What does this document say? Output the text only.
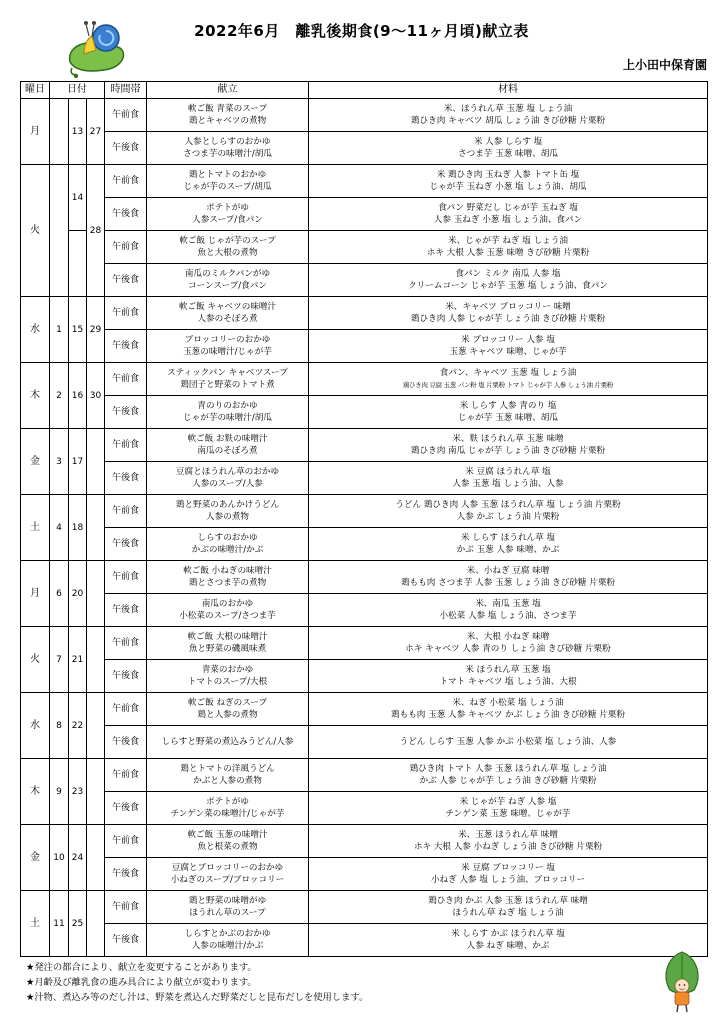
2022年6月　離乳後期食(9～11ヶ月頃)献立表
上小田中保育園
曜日	日付			時間帯	献立	材料
月		13	27	午前食	軟ご飯 青菜のスープ
鶏とキャベツの煮物	米、ほうれん草 玉葱 塩 しょう油
鶏ひき肉 キャベツ 胡瓜 しょう油 きび砂糖 片栗粉

				午後食	人参としらすのおかゆ
さつま芋の味噌汁/胡瓜	米 人参 しらす 塩
さつま芋 玉葱 味噌、胡瓜

火		14	28	午前食	鶏とトマトのおかゆ
じゃが芋のスープ/胡瓜	米 鶏ひき肉 玉ねぎ 人参 トマト缶 塩
じゃが芋 玉ねぎ 小葱 塩 しょう油、胡瓜

				午後食	ポテトがゆ
人参スープ/食パン	食パン 野菜だし じゃが芋 玉ねぎ 塩
人参 玉ねぎ 小葱 塩 しょう油、食パン

				午前食	軟ご飯 じゃが芋のスープ
魚と大根の煮物	米、じゃが芋 ねぎ 塩 しょう油
ホキ 大根 人参 玉葱 味噌 きび砂糖 片栗粉

				午後食	南瓜のミルクパンがゆ
コーンスープ/食パン	食パン ミルク 南瓜 人参 塩
クリームコーン じゃが芋 玉葱 塩 しょう油、食パン

水	1	15	29	午前食	軟ご飯 キャベツの味噌汁
人参のそぼろ煮	米、キャベツ ブロッコリー 味噌
鶏ひき肉 人参 じゃが芋 しょう油 きび砂糖 片栗粉

				午後食	ブロッコリーのおかゆ
玉葱の味噌汁/じゃが芋	米 ブロッコリー 人参 塩
玉葱 キャベツ 味噌、じゃが芋

木	2	16	30	午前食	スティックパン キャベツスープ
鶏団子と野菜のトマト煮	食パン、キャベツ 玉葱 塩 しょう油
鶏ひき肉 豆腐 玉葱 パン粉 塩 片栗粉 トマト じゃが芋 人参 しょう油 片栗粉

				午後食	青のりのおかゆ
じゃが芋の味噌汁/胡瓜	米 しらす 人参 青のり 塩
じゃが芋 玉葱 味噌、胡瓜

金	3	17		午前食	軟ご飯 お麩の味噌汁
南瓜のそぼろ煮	米、麩 ほうれん草 玉葱 味噌
鶏ひき肉 南瓜 じゃが芋 しょう油 きび砂糖 片栗粉

				午後食	豆腐とほうれん草のおかゆ
人参のスープ/人参	米 豆腐 ほうれん草 塩
人参 玉葱 塩 しょう油、人参

土	4	18		午前食	鶏と野菜のあんかけうどん
人参の煮物	うどん 鶏ひき肉 人参 玉葱 ほうれん草 塩 しょう油 片栗粉
人参 かぶ しょう油 片栗粉

				午後食	しらすのおかゆ
かぶの味噌汁/かぶ	米 しらす ほうれん草 塩
かぶ 玉葱 人参 味噌、かぶ

月	6	20		午前食	軟ご飯 小ねぎの味噌汁
鶏とさつま芋の煮物	米、小ねぎ 豆腐 味噌
鶏もも肉 さつま芋 人参 玉葱 しょう油 きび砂糖 片栗粉

				午後食	南瓜のおかゆ
小松菜のスープ/さつま芋	米、南瓜 玉葱 塩
小松菜 人参 塩 しょう油、さつま芋

火	7	21		午前食	軟ご飯 大根の味噌汁
魚と野菜の磯風味煮	米、大根 小ねぎ 味噌
ホキ キャベツ 人参 青のり しょう油 きび砂糖 片栗粉

				午後食	青菜のおかゆ
トマトのスープ/大根	米 ほうれん草 玉葱 塩
トマト キャベツ 塩 しょう油、大根

水	8	22		午前食	軟ご飯 ねぎのスープ
鶏と人参の煮物	米、ねぎ 小松菜 塩 しょう油
鶏もも肉 玉葱 人参 キャベツ かぶ しょう油 きび砂糖 片栗粉

				午後食	しらすと野菜の煮込みうどん/人参	うどん しらす 玉葱 人参 かぶ 小松菜 塩 しょう油、人参

木	9	23		午前食	鶏とトマトの洋風うどん
かぶと人参の煮物	鶏ひき肉 トマト 人参 玉葱 ほうれん草 塩 しょう油
かぶ 人参 じゃが芋 しょう油 きび砂糖 片栗粉

				午後食	ポテトがゆ
チンゲン菜の味噌汁/じゃが芋	米 じゃが芋 ねぎ 人参 塩
チンゲン菜 玉葱 味噌、じゃが芋

金	10	24		午前食	軟ご飯 玉葱の味噌汁
魚と根菜の煮物	米、玉葱 ほうれん草 味噌
ホキ 大根 人参 小ねぎ しょう油 きび砂糖 片栗粉

				午後食	豆腐とブロッコリーのおかゆ
小ねぎのスープ/ブロッコリー	米 豆腐 ブロッコリー 塩
小ねぎ 人参 塩 しょう油、ブロッコリー

土	11	25		午前食	鶏と野菜の味噌がゆ
ほうれん草のスープ	鶏ひき肉 かぶ 人参 玉葱 ほうれん草 味噌
ほうれん草 ねぎ 塩 しょう油

				午後食	しらすとかぶのおかゆ
人参の味噌汁/かぶ	米 しらす かぶ ほうれん草 塩
人参 ねぎ 味噌、かぶ
★発注の都合により、献立を変更することがあります。
★月齢及び離乳食の進み具合により献立が変わります。
★汁物、煮込み等のだし汁は、野菜を煮込んだ野菜だしと昆布だしを使用します。
